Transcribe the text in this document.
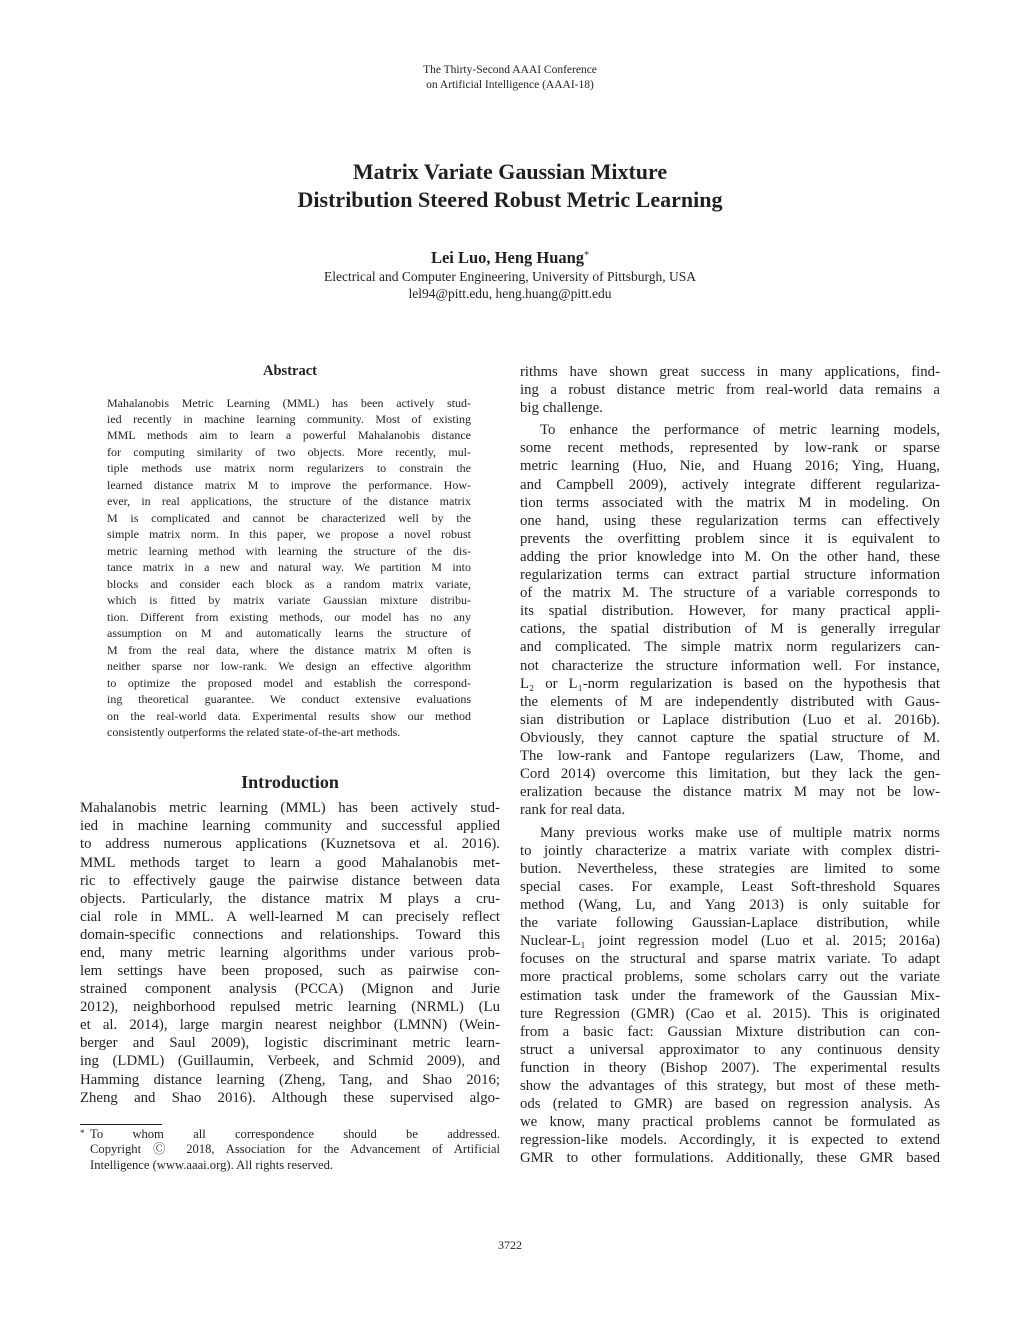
The Thirty-Second AAAI Conference
on Artificial Intelligence (AAAI-18)
Matrix Variate Gaussian Mixture
Distribution Steered Robust Metric Learning
Lei Luo, Heng Huang*
Electrical and Computer Engineering, University of Pittsburgh, USA
lel94@pitt.edu, heng.huang@pitt.edu
Abstract
Mahalanobis Metric Learning (MML) has been actively stud-
ied recently in machine learning community. Most of existing
MML methods aim to learn a powerful Mahalanobis distance
for computing similarity of two objects. More recently, mul-
tiple methods use matrix norm regularizers to constrain the
learned distance matrix M to improve the performance. How-
ever, in real applications, the structure of the distance matrix
M is complicated and cannot be characterized well by the
simple matrix norm. In this paper, we propose a novel robust
metric learning method with learning the structure of the dis-
tance matrix in a new and natural way. We partition M into
blocks and consider each block as a random matrix variate,
which is fitted by matrix variate Gaussian mixture distribu-
tion. Different from existing methods, our model has no any
assumption on M and automatically learns the structure of
M from the real data, where the distance matrix M often is
neither sparse nor low-rank. We design an effective algorithm
to optimize the proposed model and establish the correspond-
ing theoretical guarantee. We conduct extensive evaluations
on the real-world data. Experimental results show our method
consistently outperforms the related state-of-the-art methods.
Introduction
Mahalanobis metric learning (MML) has been actively stud-
ied in machine learning community and successful applied
to address numerous applications (Kuznetsova et al. 2016).
MML methods target to learn a good Mahalanobis met-
ric to effectively gauge the pairwise distance between data
objects. Particularly, the distance matrix M plays a cru-
cial role in MML. A well-learned M can precisely reflect
domain-specific connections and relationships. Toward this
end, many metric learning algorithms under various prob-
lem settings have been proposed, such as pairwise con-
strained component analysis (PCCA) (Mignon and Jurie
2012), neighborhood repulsed metric learning (NRML) (Lu
et al. 2014), large margin nearest neighbor (LMNN) (Wein-
berger and Saul 2009), logistic discriminant metric learn-
ing (LDML) (Guillaumin, Verbeek, and Schmid 2009), and
Hamming distance learning (Zheng, Tang, and Shao 2016;
Zheng and Shao 2016). Although these supervised algo-
* To whom all correspondence should be addressed.
Copyright Ⓒ 2018, Association for the Advancement of Artificial
Intelligence (www.aaai.org). All rights reserved.
rithms have shown great success in many applications, find-
ing a robust distance metric from real-world data remains a
big challenge.
To enhance the performance of metric learning models,
some recent methods, represented by low-rank or sparse
metric learning (Huo, Nie, and Huang 2016; Ying, Huang,
and Campbell 2009), actively integrate different regulariza-
tion terms associated with the matrix M in modeling. On
one hand, using these regularization terms can effectively
prevents the overfitting problem since it is equivalent to
adding the prior knowledge into M. On the other hand, these
regularization terms can extract partial structure information
of the matrix M. The structure of a variable corresponds to
its spatial distribution. However, for many practical appli-
cations, the spatial distribution of M is generally irregular
and complicated. The simple matrix norm regularizers can-
not characterize the structure information well. For instance,
L₂ or L₁-norm regularization is based on the hypothesis that
the elements of M are independently distributed with Gaus-
sian distribution or Laplace distribution (Luo et al. 2016b).
Obviously, they cannot capture the spatial structure of M.
The low-rank and Fantope regularizers (Law, Thome, and
Cord 2014) overcome this limitation, but they lack the gen-
eralization because the distance matrix M may not be low-
rank for real data.
Many previous works make use of multiple matrix norms
to jointly characterize a matrix variate with complex distri-
bution. Nevertheless, these strategies are limited to some
special cases. For example, Least Soft-threshold Squares
method (Wang, Lu, and Yang 2013) is only suitable for
the variate following Gaussian-Laplace distribution, while
Nuclear-L₁ joint regression model (Luo et al. 2015; 2016a)
focuses on the structural and sparse matrix variate. To adapt
more practical problems, some scholars carry out the variate
estimation task under the framework of the Gaussian Mix-
ture Regression (GMR) (Cao et al. 2015). This is originated
from a basic fact: Gaussian Mixture distribution can con-
struct a universal approximator to any continuous density
function in theory (Bishop 2007). The experimental results
show the advantages of this strategy, but most of these meth-
ods (related to GMR) are based on regression analysis. As
we know, many practical problems cannot be formulated as
regression-like models. Accordingly, it is expected to extend
GMR to other formulations. Additionally, these GMR based
3722
